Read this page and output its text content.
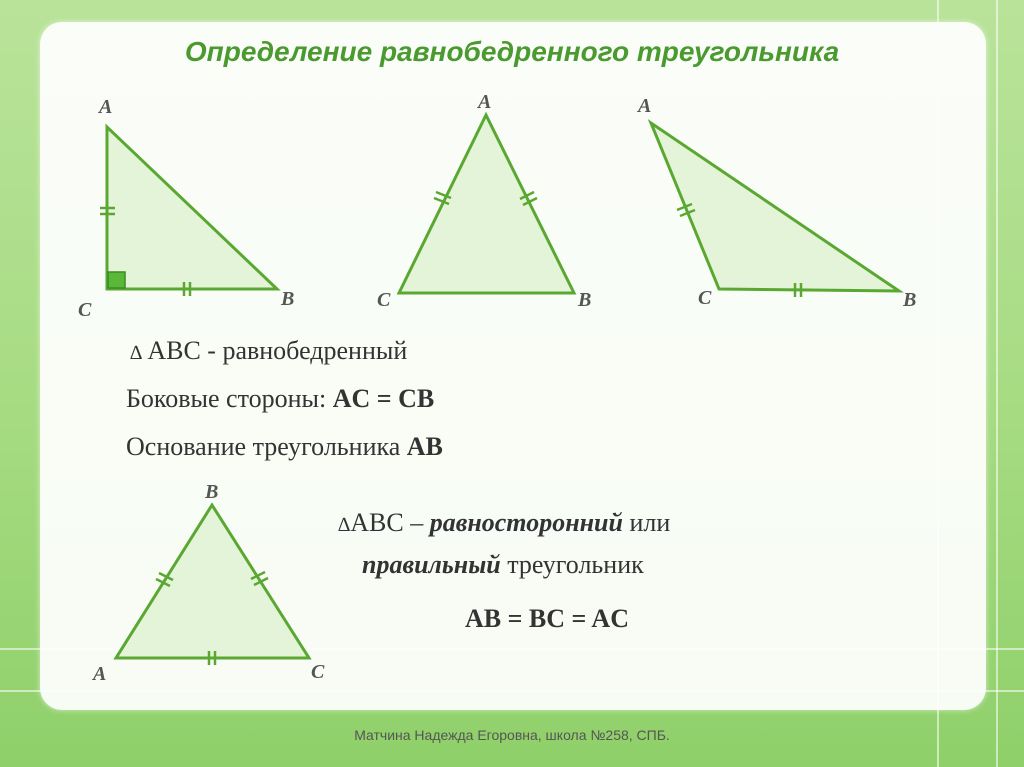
Определение равнобедренного треугольника
A
B
C
A
B
C
A
B
C
B
A	C
∆ ABC - равнобедренный
Боковые стороны: AC = CB
Основание треугольника AB
∆ABC – равносторонний или
правильный треугольник
AB = BC = AC
Матчина Надежда Егоровна, школа №258, СПБ.
